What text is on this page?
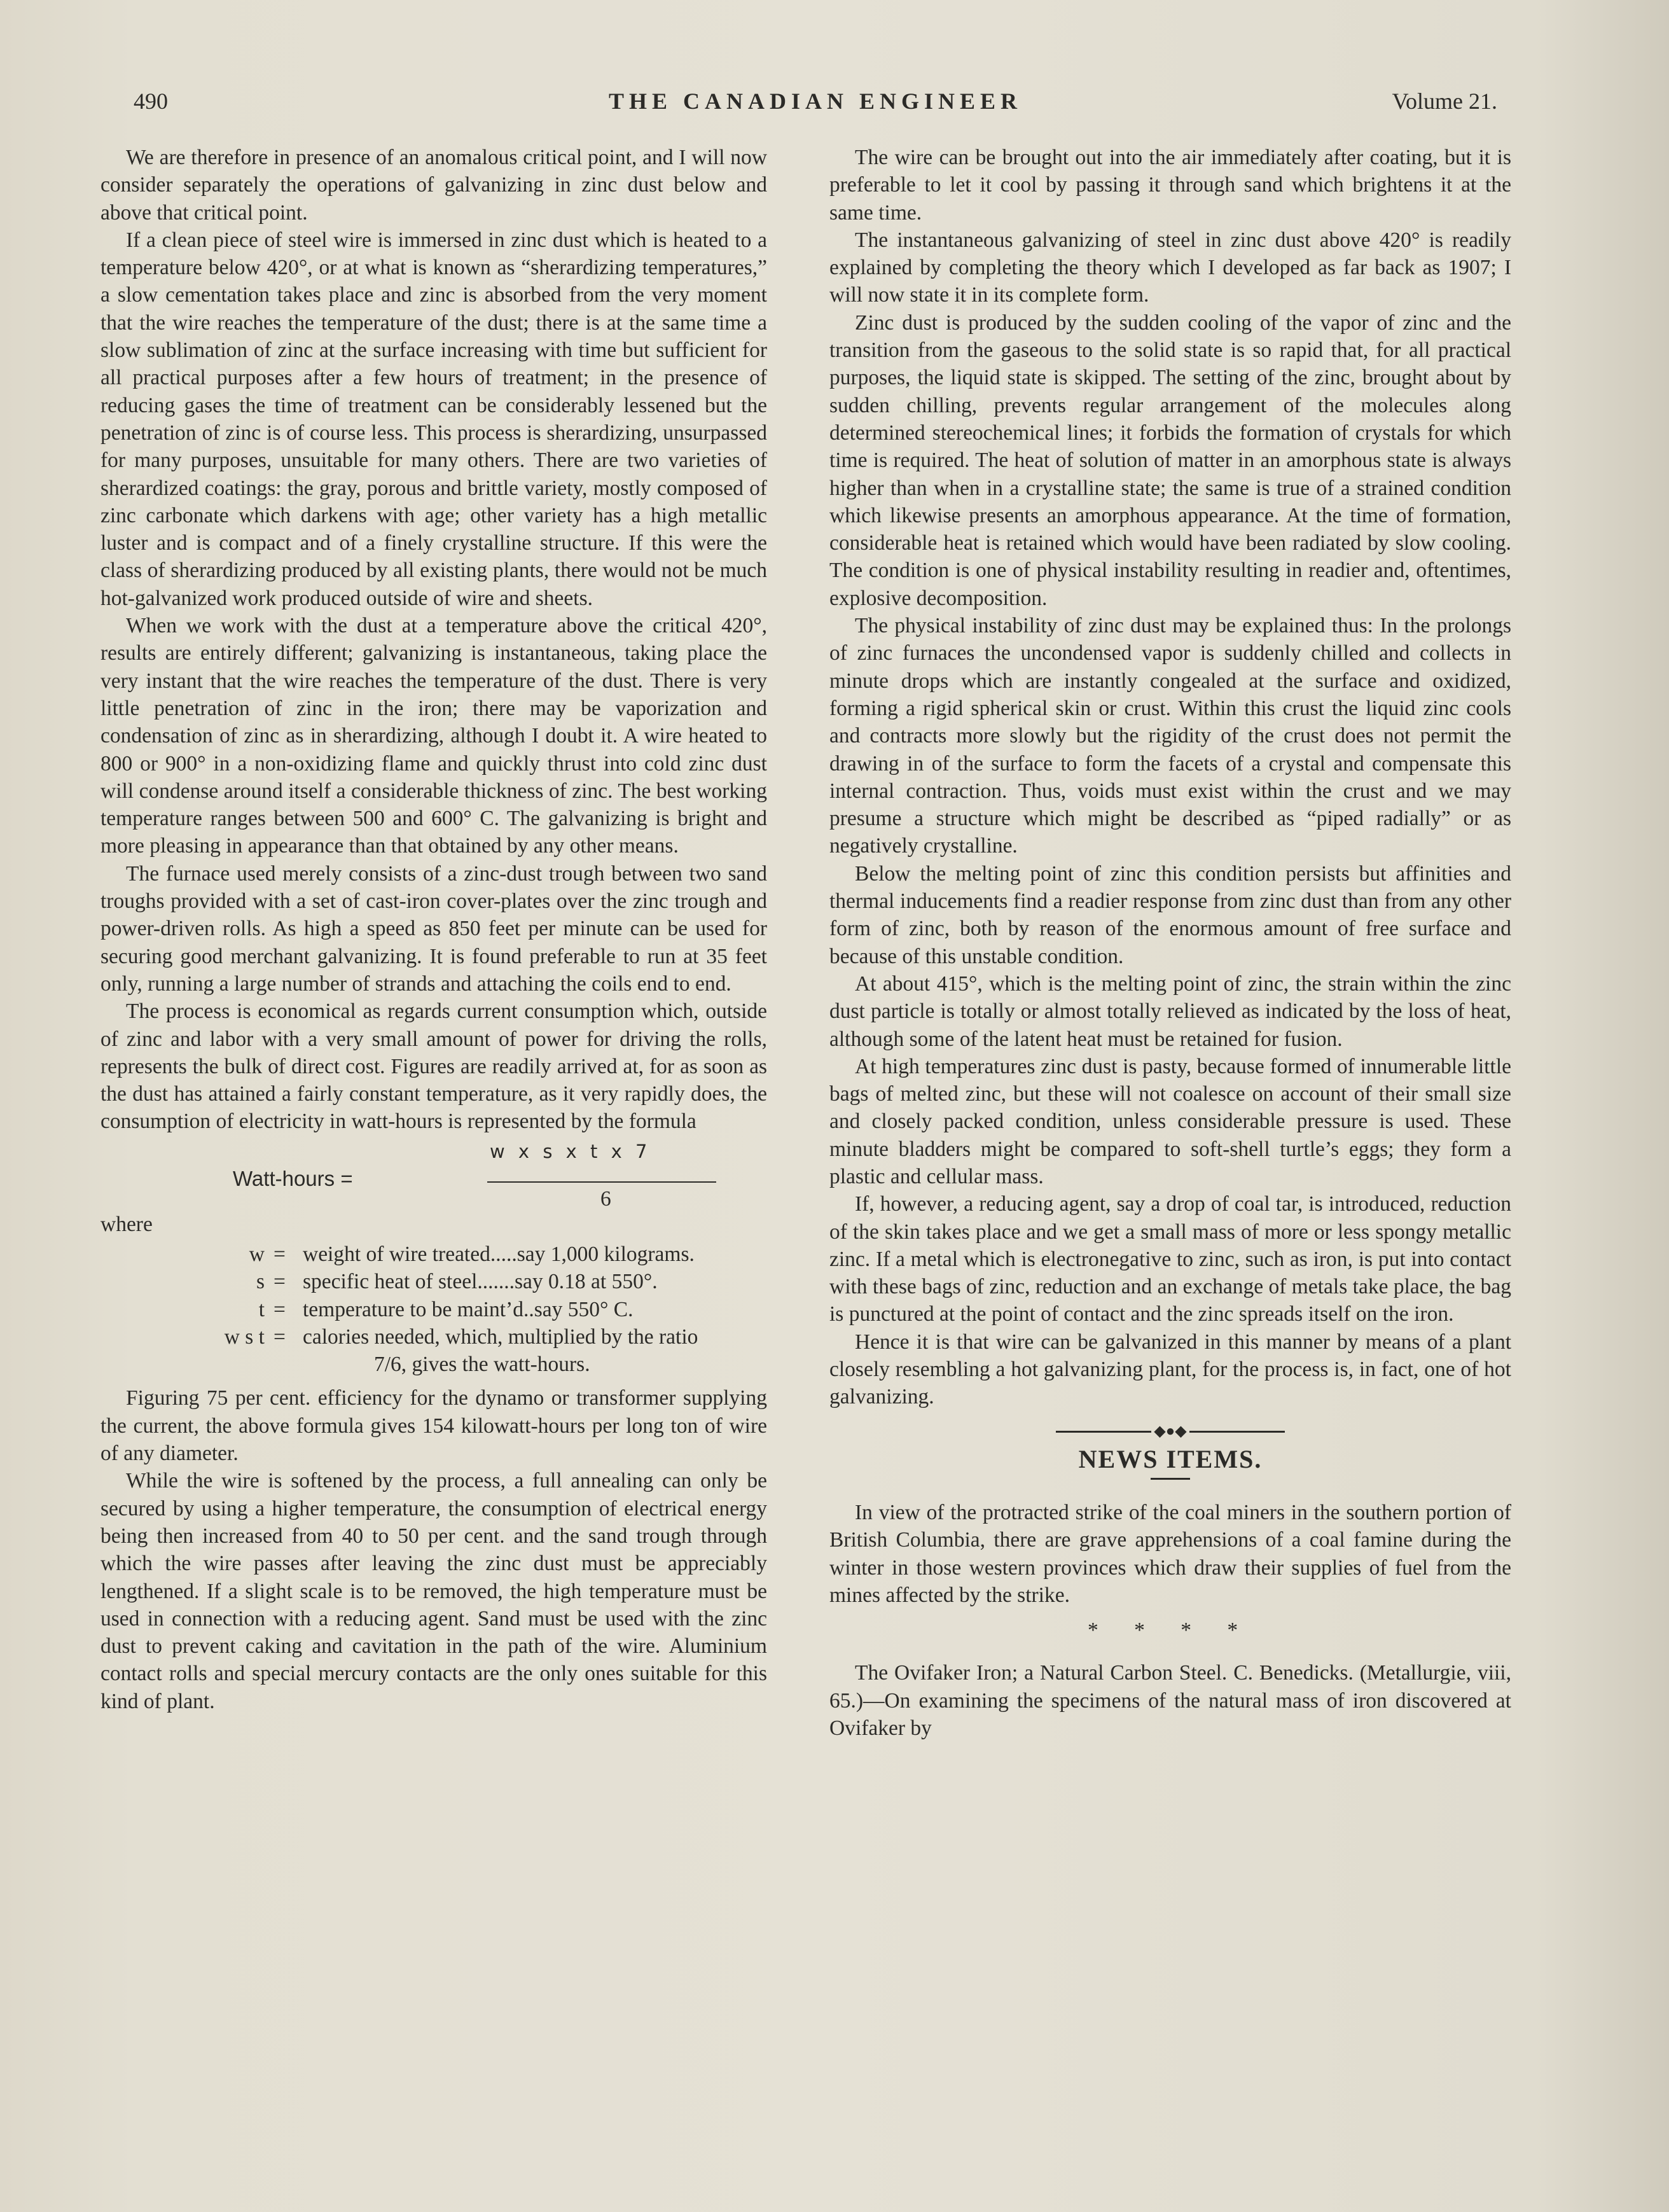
490	THE CANADIAN ENGINEER	Volume 21.

We are therefore in presence of an anomalous critical point, and I will now consider separately the operations of galvanizing in zinc dust below and above that critical point.

If a clean piece of steel wire is immersed in zinc dust which is heated to a temperature below 420°, or at what is known as “sherardizing temperatures,” a slow cementation takes place and zinc is absorbed from the very moment that the wire reaches the temperature of the dust; there is at the same time a slow sublimation of zinc at the surface increasing with time but sufficient for all practical purposes after a few hours of treatment; in the presence of reducing gases the time of treatment can be considerably lessened but the penetration of zinc is of course less. This process is sherardizing, unsurpassed for many purposes, unsuitable for many others. There are two varieties of sherardized coatings: the gray, porous and brittle variety, mostly composed of zinc carbonate which darkens with age; other variety has a high metallic luster and is compact and of a finely crystalline structure. If this were the class of sherardizing produced by all existing plants, there would not be much hot-galvanized work produced outside of wire and sheets.

When we work with the dust at a temperature above the critical 420°, results are entirely different; galvanizing is instantaneous, taking place the very instant that the wire reaches the temperature of the dust. There is very little penetration of zinc in the iron; there may be vaporization and condensation of zinc as in sherardizing, although I doubt it. A wire heated to 800 or 900° in a non-oxidizing flame and quickly thrust into cold zinc dust will condense around itself a considerable thickness of zinc. The best working temperature ranges between 500 and 600° C. The galvanizing is bright and more pleasing in appearance than that obtained by any other means.

The furnace used merely consists of a zinc-dust trough between two sand troughs provided with a set of cast-iron cover-plates over the zinc trough and power-driven rolls. As high a speed as 850 feet per minute can be used for securing good merchant galvanizing. It is found preferable to run at 35 feet only, running a large number of strands and attaching the coils end to end.

The process is economical as regards current consumption which, outside of zinc and labor with a very small amount of power for driving the rolls, represents the bulk of direct cost. Figures are readily arrived at, for as soon as the dust has attained a fairly constant temperature, as it very rapidly does, the consumption of electricity in watt-hours is represented by the formula

w x s x t x 7
Watt-hours =
6

where

w = weight of wire treated.....say 1,000 kilograms.
s = specific heat of steel.......say 0.18 at 550°.
t = temperature to be maint’d..say 550° C.
w s t = calories needed, which, multiplied by the ratio
7/6, gives the watt-hours.

Figuring 75 per cent. efficiency for the dynamo or transformer supplying the current, the above formula gives 154 kilowatt-hours per long ton of wire of any diameter.

While the wire is softened by the process, a full annealing can only be secured by using a higher temperature, the consumption of electrical energy being then increased from 40 to 50 per cent. and the sand trough through which the wire passes after leaving the zinc dust must be appreciably lengthened. If a slight scale is to be removed, the high temperature must be used in connection with a reducing agent. Sand must be used with the zinc dust to prevent caking and cavitation in the path of the wire. Aluminium contact rolls and special mercury contacts are the only ones suitable for this kind of plant.

The wire can be brought out into the air immediately after coating, but it is preferable to let it cool by passing it through sand which brightens it at the same time.

The instantaneous galvanizing of steel in zinc dust above 420° is readily explained by completing the theory which I developed as far back as 1907; I will now state it in its complete form.

Zinc dust is produced by the sudden cooling of the vapor of zinc and the transition from the gaseous to the solid state is so rapid that, for all practical purposes, the liquid state is skipped. The setting of the zinc, brought about by sudden chilling, prevents regular arrangement of the molecules along determined stereochemical lines; it forbids the formation of crystals for which time is required. The heat of solution of matter in an amorphous state is always higher than when in a crystalline state; the same is true of a strained condition which likewise presents an amorphous appearance. At the time of formation, considerable heat is retained which would have been radiated by slow cooling. The condition is one of physical instability resulting in readier and, oftentimes, explosive decomposition.

The physical instability of zinc dust may be explained thus: In the prolongs of zinc furnaces the uncondensed vapor is suddenly chilled and collects in minute drops which are instantly congealed at the surface and oxidized, forming a rigid spherical skin or crust. Within this crust the liquid zinc cools and contracts more slowly but the rigidity of the crust does not permit the drawing in of the surface to form the facets of a crystal and compensate this internal contraction. Thus, voids must exist within the crust and we may presume a structure which might be described as “piped radially” or as negatively crystalline.

Below the melting point of zinc this condition persists but affinities and thermal inducements find a readier response from zinc dust than from any other form of zinc, both by reason of the enormous amount of free surface and because of this unstable condition.

At about 415°, which is the melting point of zinc, the strain within the zinc dust particle is totally or almost totally relieved as indicated by the loss of heat, although some of the latent heat must be retained for fusion.

At high temperatures zinc dust is pasty, because formed of innumerable little bags of melted zinc, but these will not coalesce on account of their small size and closely packed condition, unless considerable pressure is used. These minute bladders might be compared to soft-shell turtle’s eggs; they form a plastic and cellular mass.

If, however, a reducing agent, say a drop of coal tar, is introduced, reduction of the skin takes place and we get a small mass of more or less spongy metallic zinc. If a metal which is electronegative to zinc, such as iron, is put into contact with these bags of zinc, reduction and an exchange of metals take place, the bag is punctured at the point of contact and the zinc spreads itself on the iron.

Hence it is that wire can be galvanized in this manner by means of a plant closely resembling a hot galvanizing plant, for the process is, in fact, one of hot galvanizing.

◆●◆
NEWS ITEMS.

In view of the protracted strike of the coal miners in the southern portion of British Columbia, there are grave apprehensions of a coal famine during the winter in those western provinces which draw their supplies of fuel from the mines affected by the strike.

* * * *

The Ovifaker Iron; a Natural Carbon Steel. C. Benedicks. (Metallurgie, viii, 65.)—On examining the specimens of the natural mass of iron discovered at Ovifaker by
